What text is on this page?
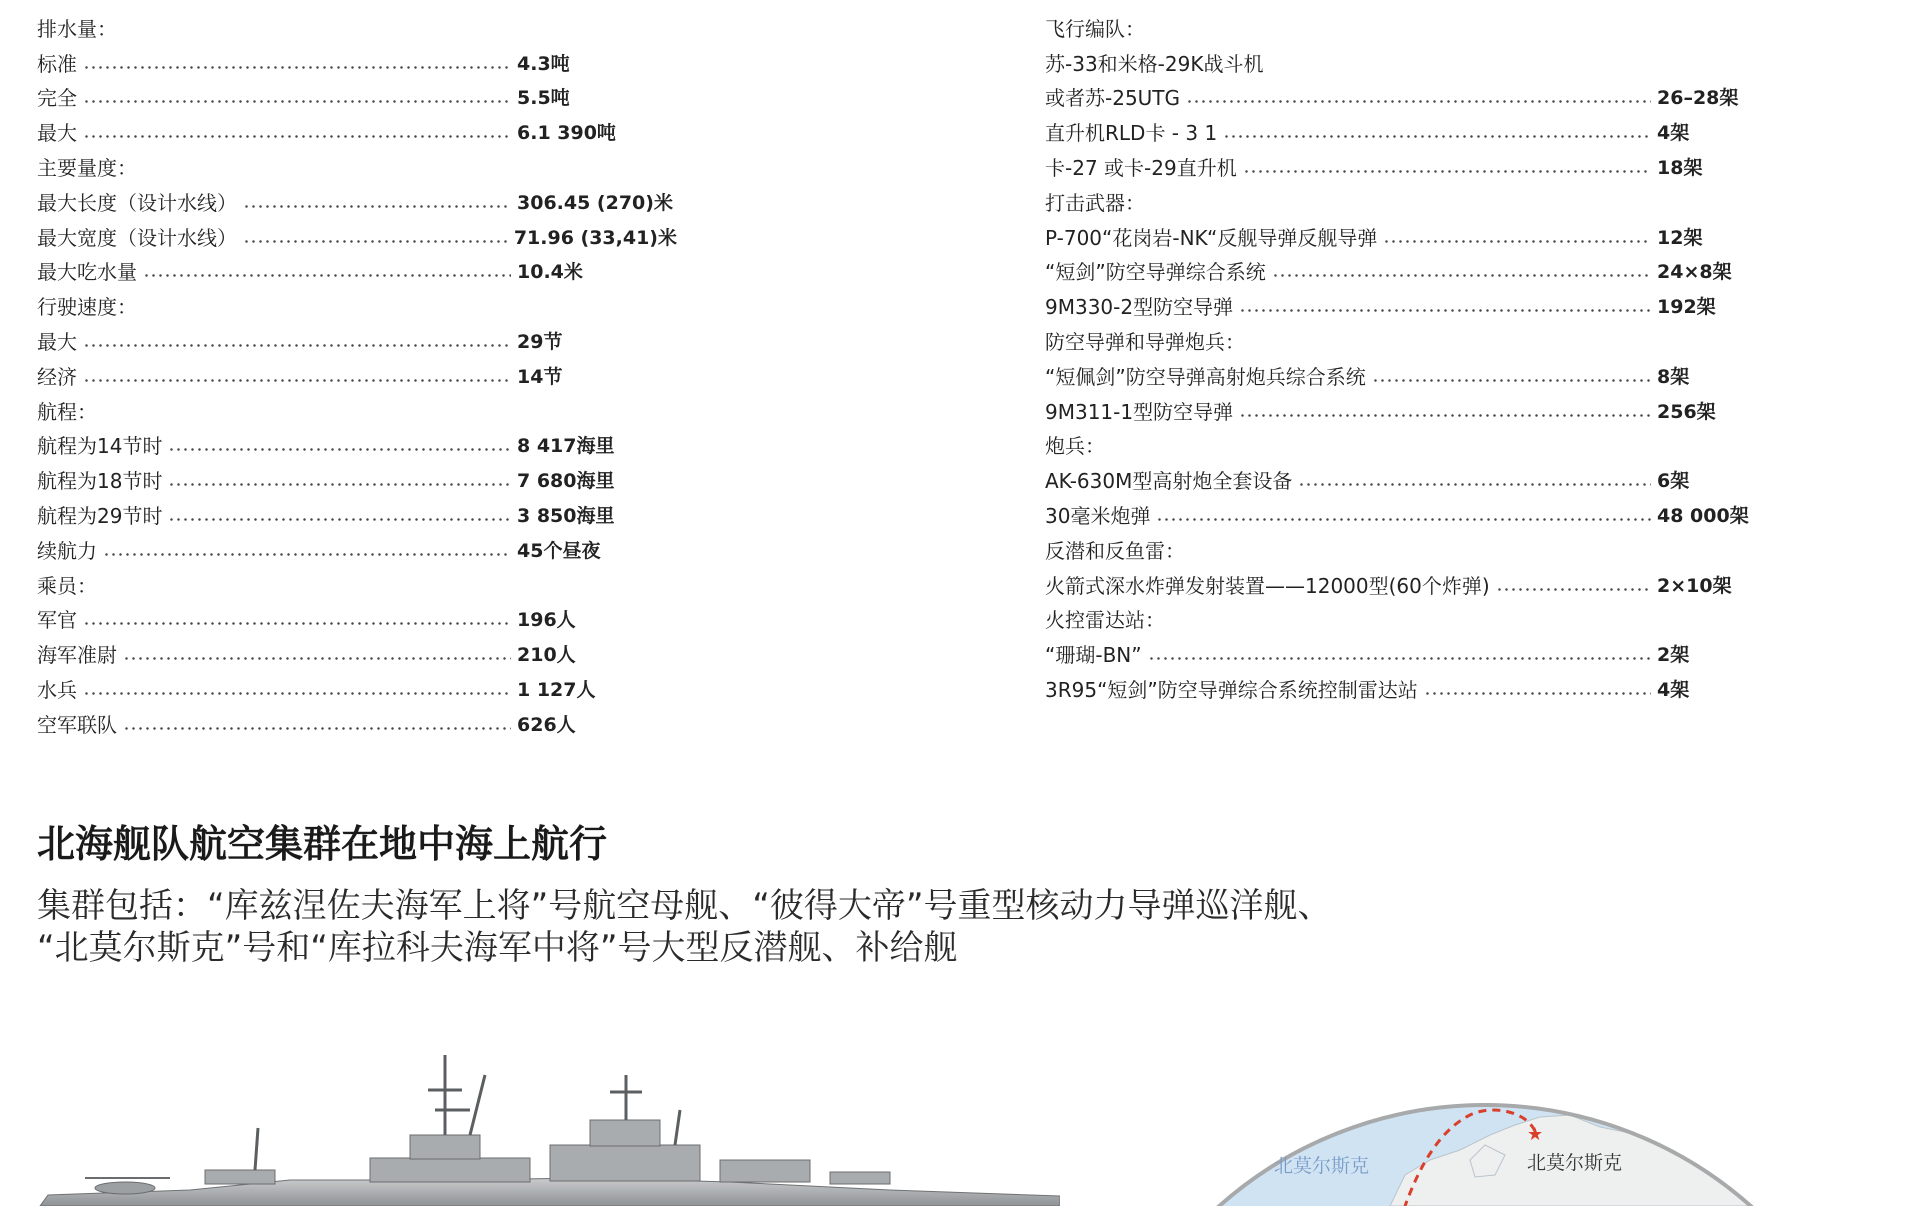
排水量：
标准	4.3吨
完全	5.5吨
最大	6.1 390吨
主要量度：
最大长度（设计水线）	306.45 (270)米
最大宽度（设计水线）	71.96 (33,41)米
最大吃水量	10.4米
行驶速度：
最大	29节
经济	14节
航程：
航程为14节时	8 417海里
航程为18节时	7 680海里
航程为29节时	3 850海里
续航力	45个昼夜
乘员：
军官	196人
海军准尉	210人
水兵	1 127人
空军联队	626人
飞行编队：
苏-33和米格-29K战斗机
或者苏-25UTG	26–28架
直升机RLD卡 - 3 1	4架
卡-27 或卡-29直升机	18架
打击武器：
P-700“花岗岩-NK“反舰导弹反舰导弹	12架
“短剑”防空导弹综合系统	24×8架
9M330-2型防空导弹	192架
防空导弹和导弹炮兵：
“短佩剑”防空导弹高射炮兵综合系统	8架
9M311-1型防空导弹	256架
炮兵：
AK-630M型高射炮全套设备	6架
30毫米炮弹	48 000架
反潜和反鱼雷：
火箭式深水炸弹发射装置——12000型(60个炸弹)	2×10架
火控雷达站：
“珊瑚-BN”	2架
3R95“短剑”防空导弹综合系统控制雷达站	4架
北海舰队航空集群在地中海上航行

集群包括：“库兹涅佐夫海军上将”号航空母舰、“彼得大帝”号重型核动力导弹巡洋舰、
“北莫尔斯克”号和“库拉科夫海军中将”号大型反潜舰、补给舰

★
北莫尔斯克	北莫尔斯克
